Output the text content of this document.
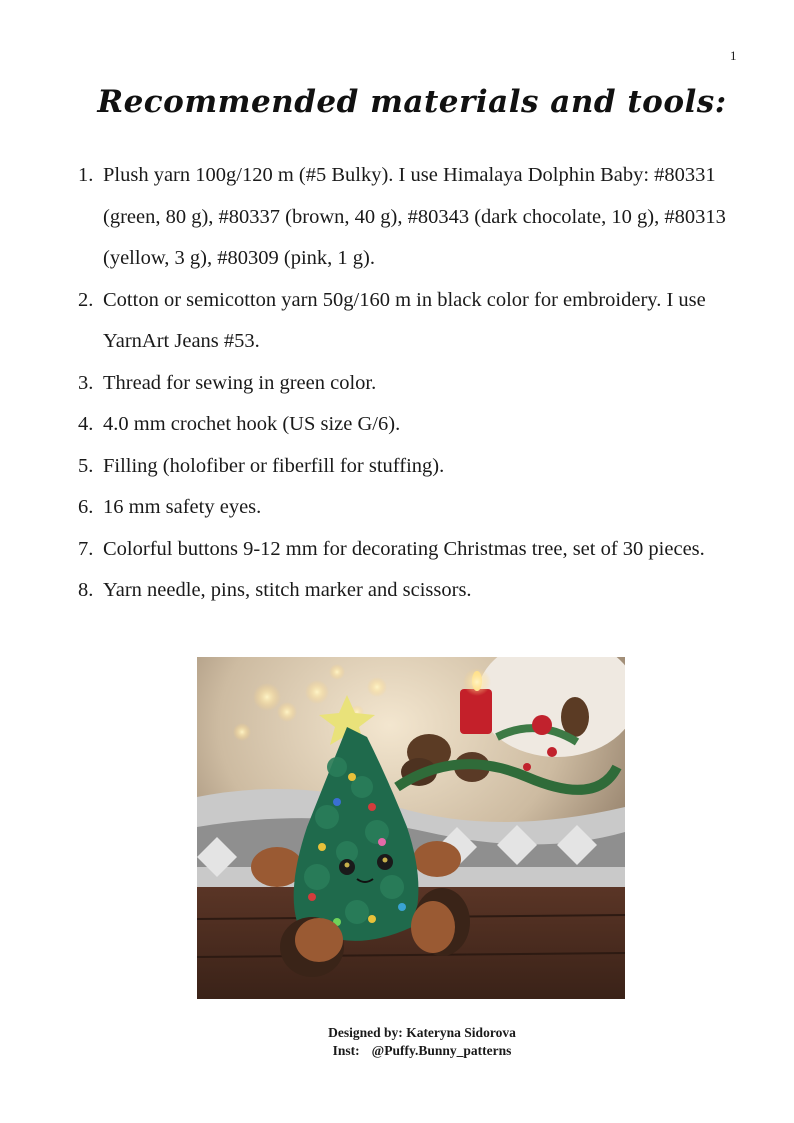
1
Recommended materials and tools:
1. Plush yarn 100g/120 m (#5 Bulky). I use Himalaya Dolphin Baby: #80331 (green, 80 g), #80337 (brown, 40 g), #80343 (dark chocolate, 10 g), #80313 (yellow, 3 g), #80309 (pink, 1 g).
2. Cotton or semicotton yarn 50g/160 m in black color for embroidery. I use YarnArt Jeans #53.
3. Thread for sewing in green color.
4. 4.0 mm crochet hook (US size G/6).
5. Filling (holofiber or fiberfill for stuffing).
6. 16 mm safety eyes.
7. Colorful buttons 9-12 mm for decorating Christmas tree, set of 30 pieces.
8. Yarn needle, pins, stitch marker and scissors.
Designed by: Kateryna Sidorova
Inst: @Puffy.Bunny_patterns
